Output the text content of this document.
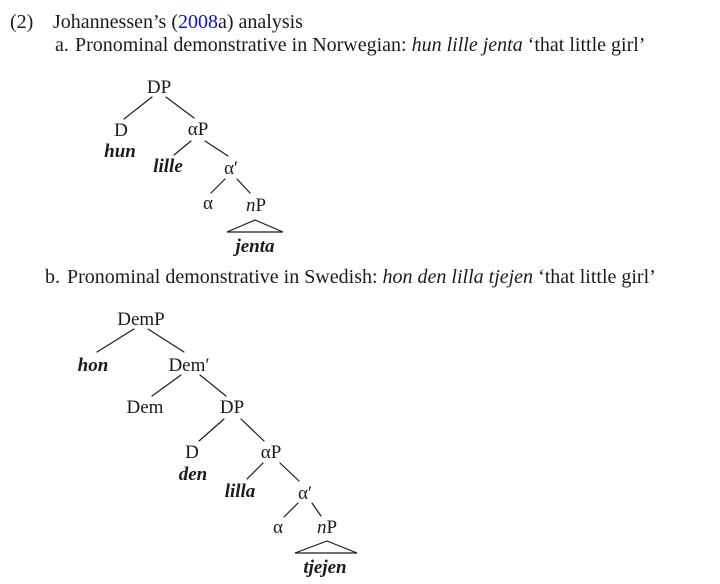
(2) Johannessen’s (2008a) analysis
a. Pronominal demonstrative in Norwegian: hun lille jenta ‘that little girl’
DP
D
hun
αP
lille α′
α nP
jenta
b. Pronominal demonstrative in Swedish: hon den lilla tjejen ‘that little girl’
DemP
hon	Dem′
Dem	DP
D
den
αP
lilla α′
α nP
tjejen
